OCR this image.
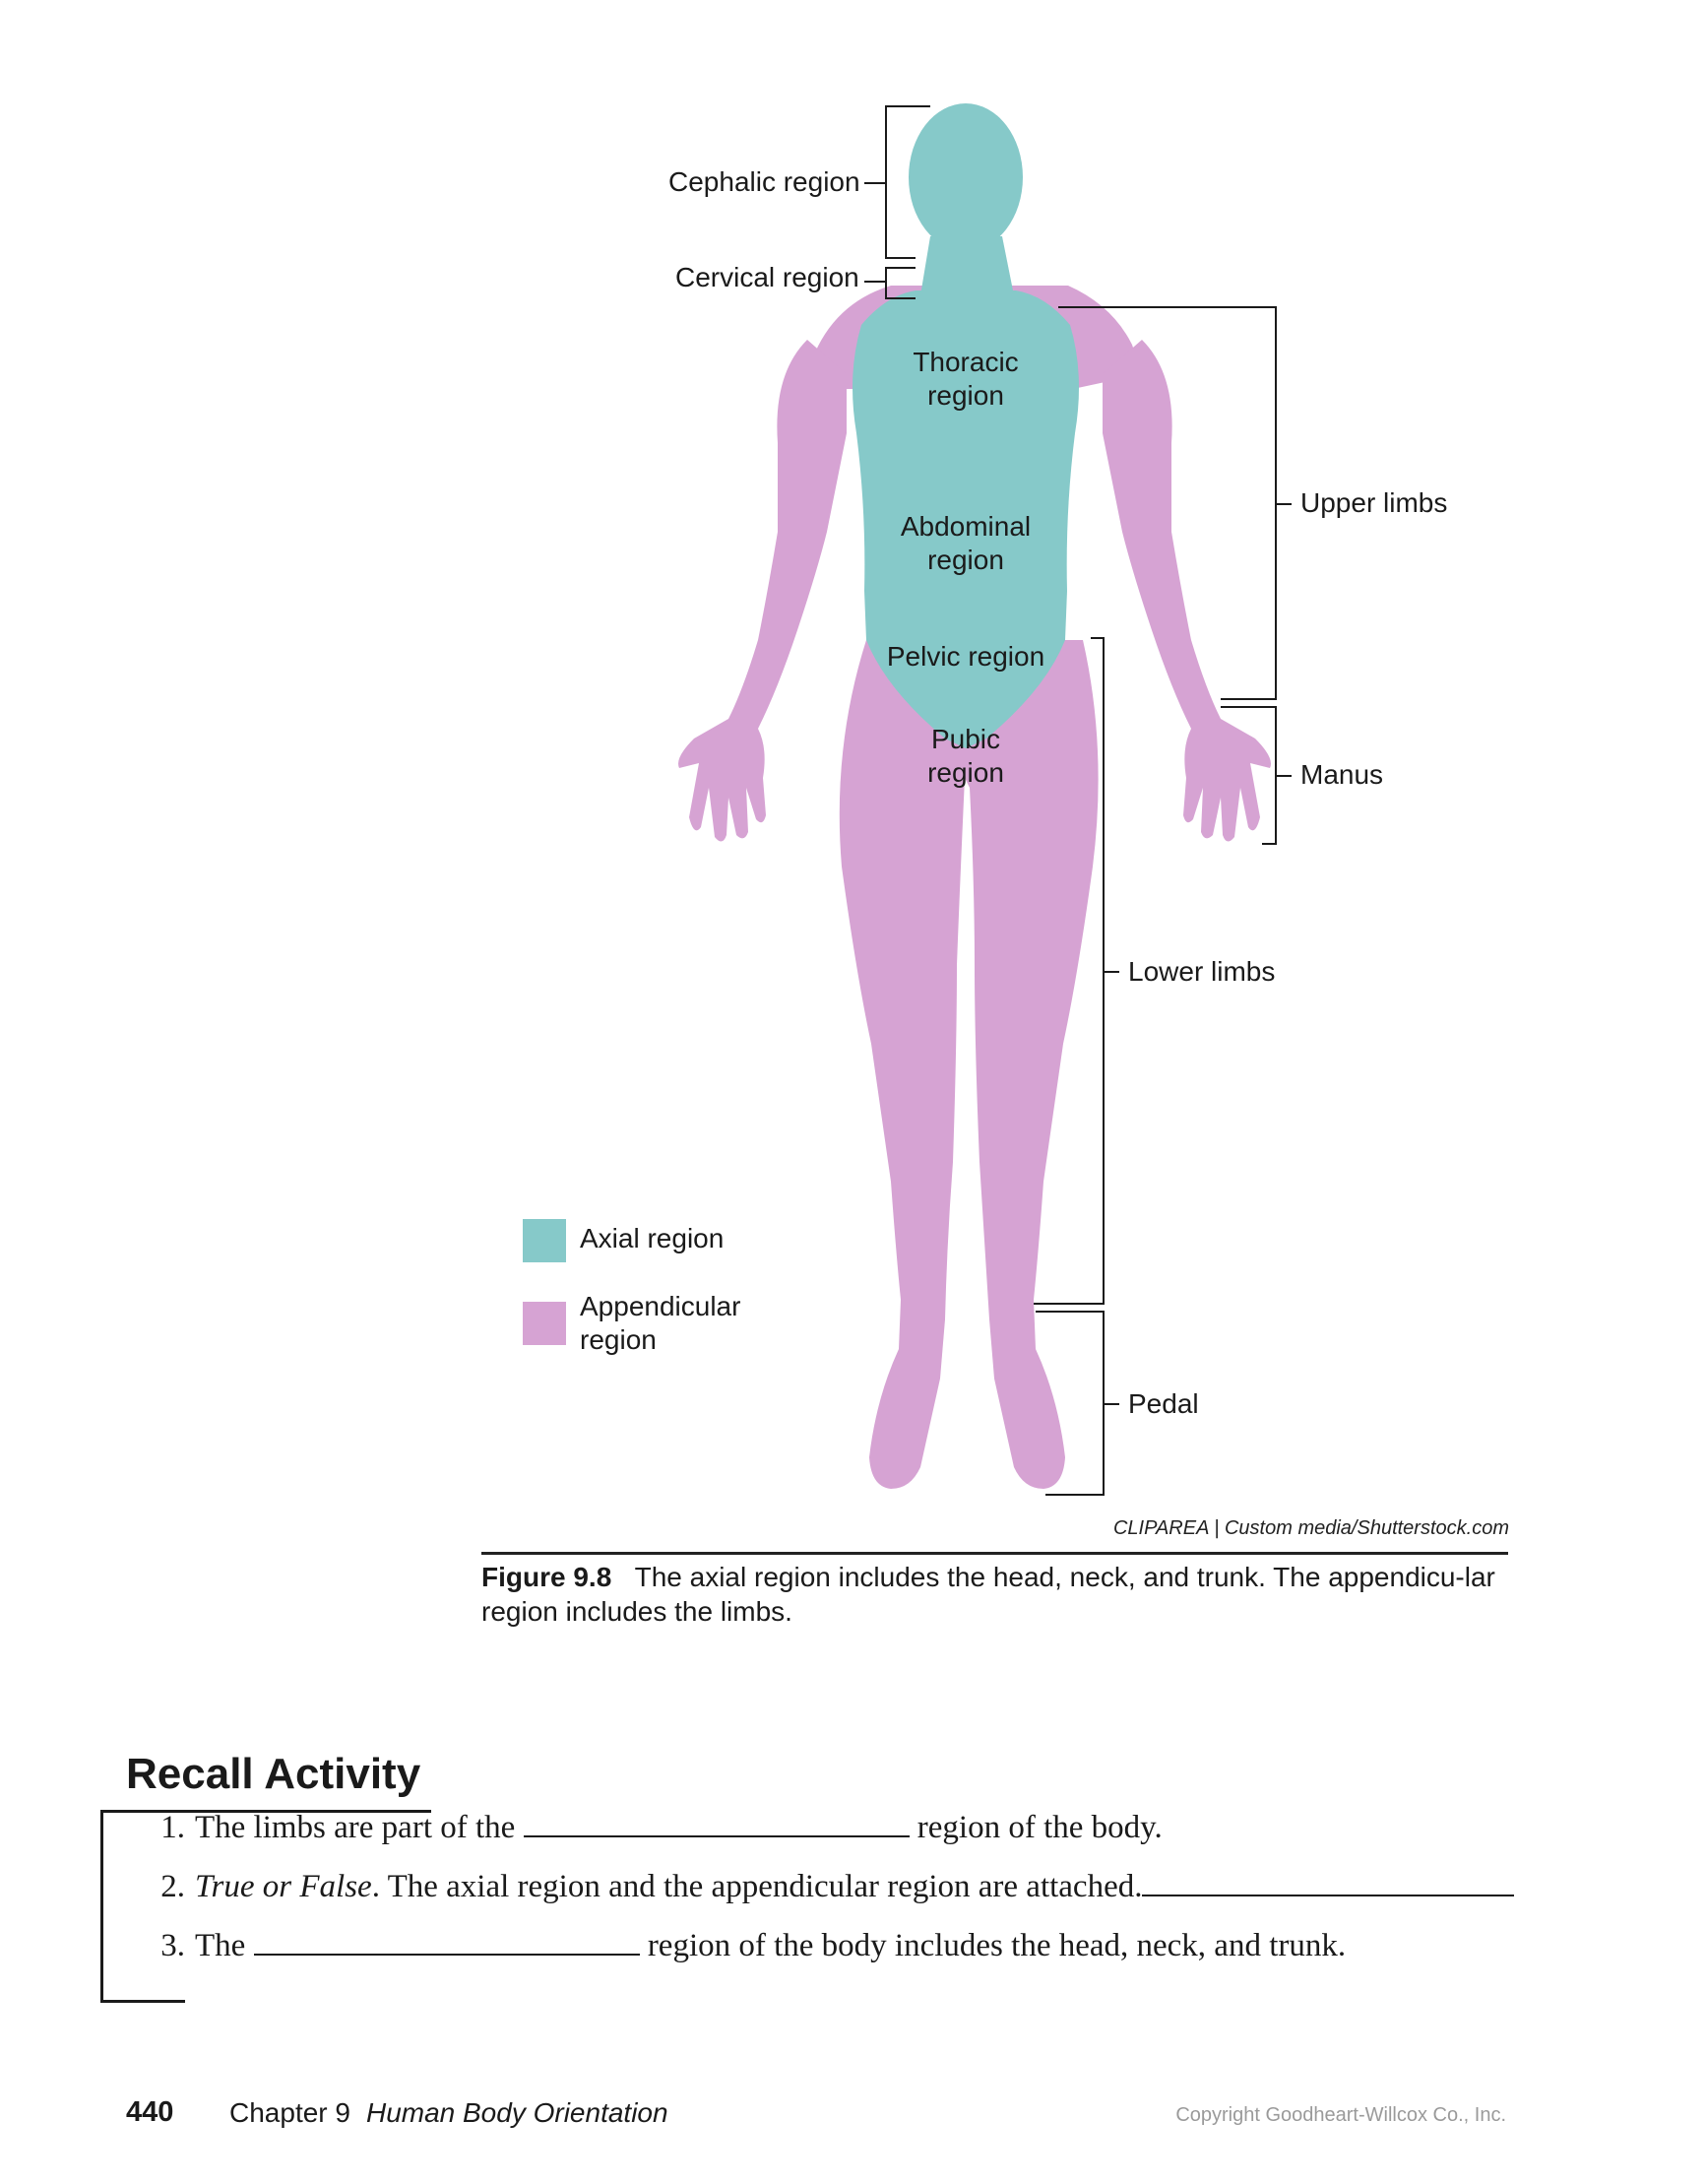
Cephalic region
Cervical region
Thoracic
region
Abdominal
region
Pelvic region
Pubic
region
Upper limbs
Manus
Lower limbs
Pedal
Axial region
Appendicular
region
CLIPAREA | Custom media/Shutterstock.com
Figure 9.8 The axial region includes the head, neck, and trunk. The appendicu-lar region includes the limbs.
Recall Activity
1. The limbs are part of the	region of the body.
2. True or False. The axial region and the appendicular region are attached.
3. The	region of the body includes the head, neck, and trunk.
440 Chapter 9 Human Body Orientation	Copyright Goodheart-Willcox Co., Inc.
